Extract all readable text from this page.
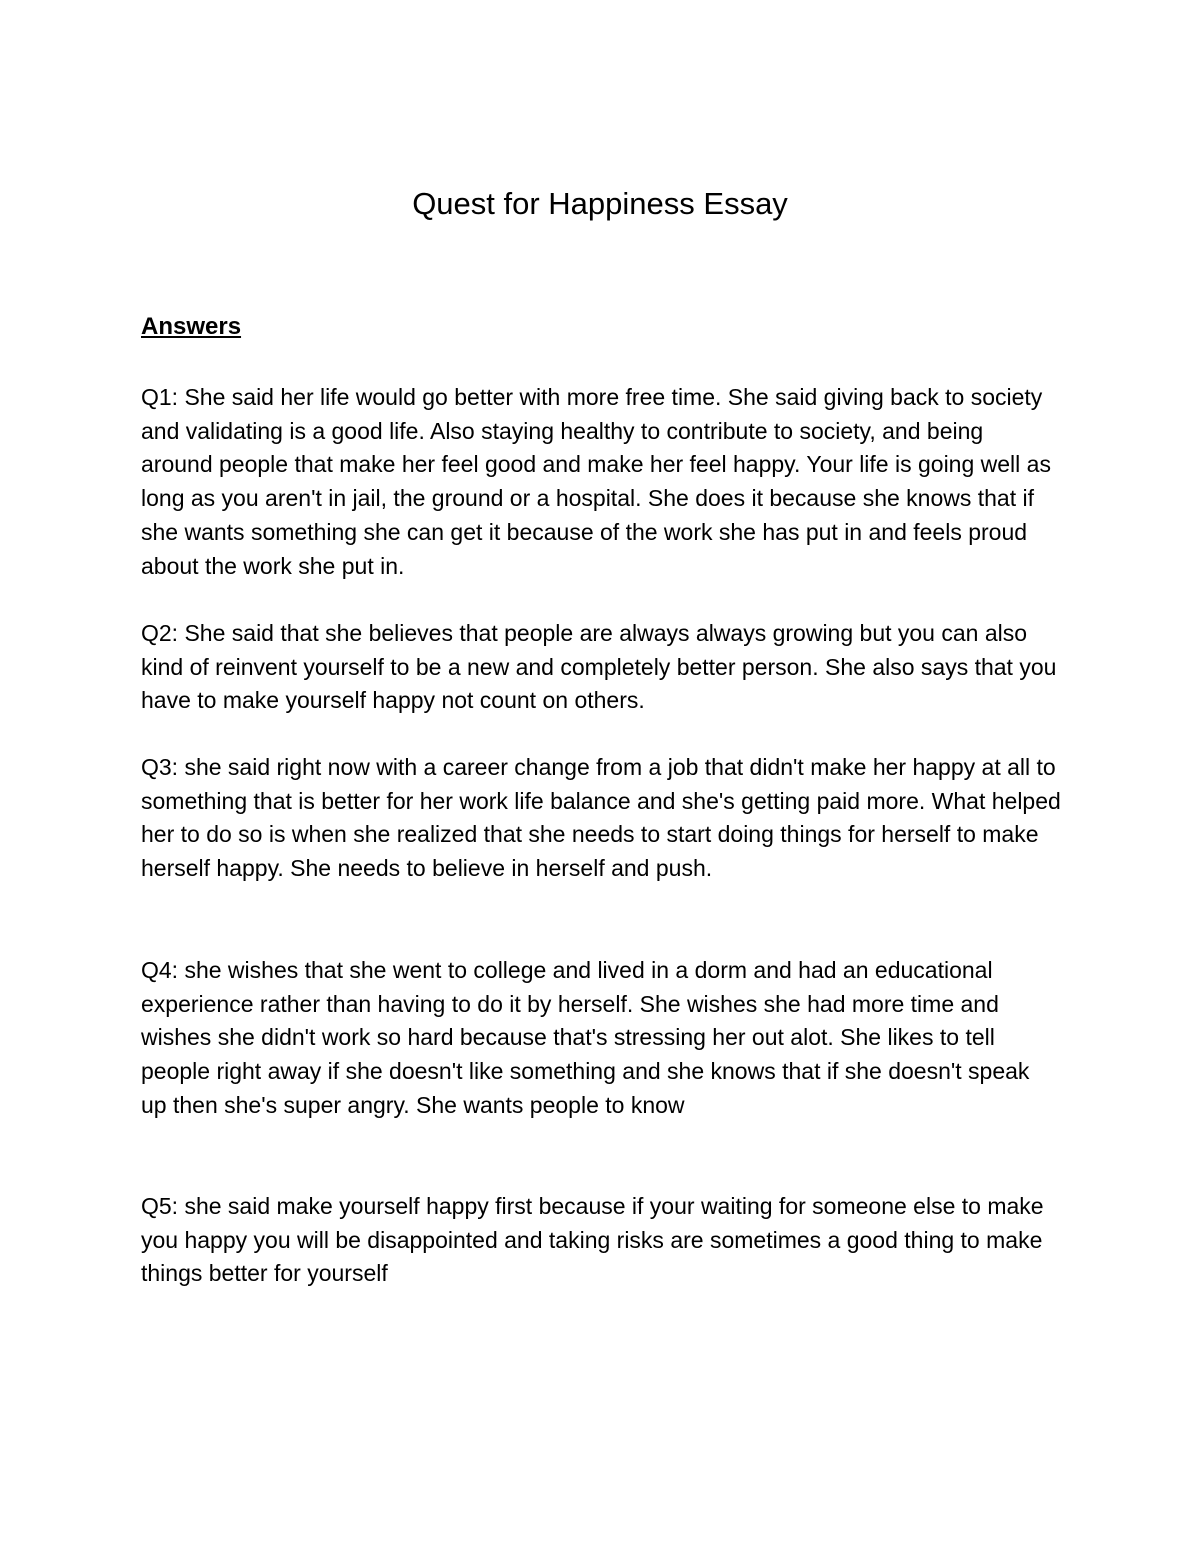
Quest for Happiness Essay
Answers

Q1: She said her life would go better with more free time. She said giving back to society and validating is a good life. Also staying healthy to contribute to society, and being around people that make her feel good and make her feel happy. Your life is going well as long as you aren't in jail, the ground or a hospital. She does it because she knows that if she wants something she can get it because of the work she has put in and feels proud about the work she put in.

Q2: She said that she believes that people are always always growing but you can also kind of reinvent yourself to be a new and completely better person. She also says that you have to make yourself happy not count on others.

Q3: she said right now with a career change from a job that didn't make her happy at all to something that is better for her work life balance and she's getting paid more. What helped her to do so is when she realized that she needs to start doing things for herself to make herself happy. She needs to believe in herself and push.

Q4: she wishes that she went to college and lived in a dorm and had an educational experience rather than having to do it by herself. She wishes she had more time and wishes she didn't work so hard because that's stressing her out alot. She likes to tell people right away if she doesn't like something and she knows that if she doesn't speak up then she's super angry. She wants people to know

Q5: she said make yourself happy first because if your waiting for someone else to make you happy you will be disappointed and taking risks are sometimes a good thing to make things better for yourself
